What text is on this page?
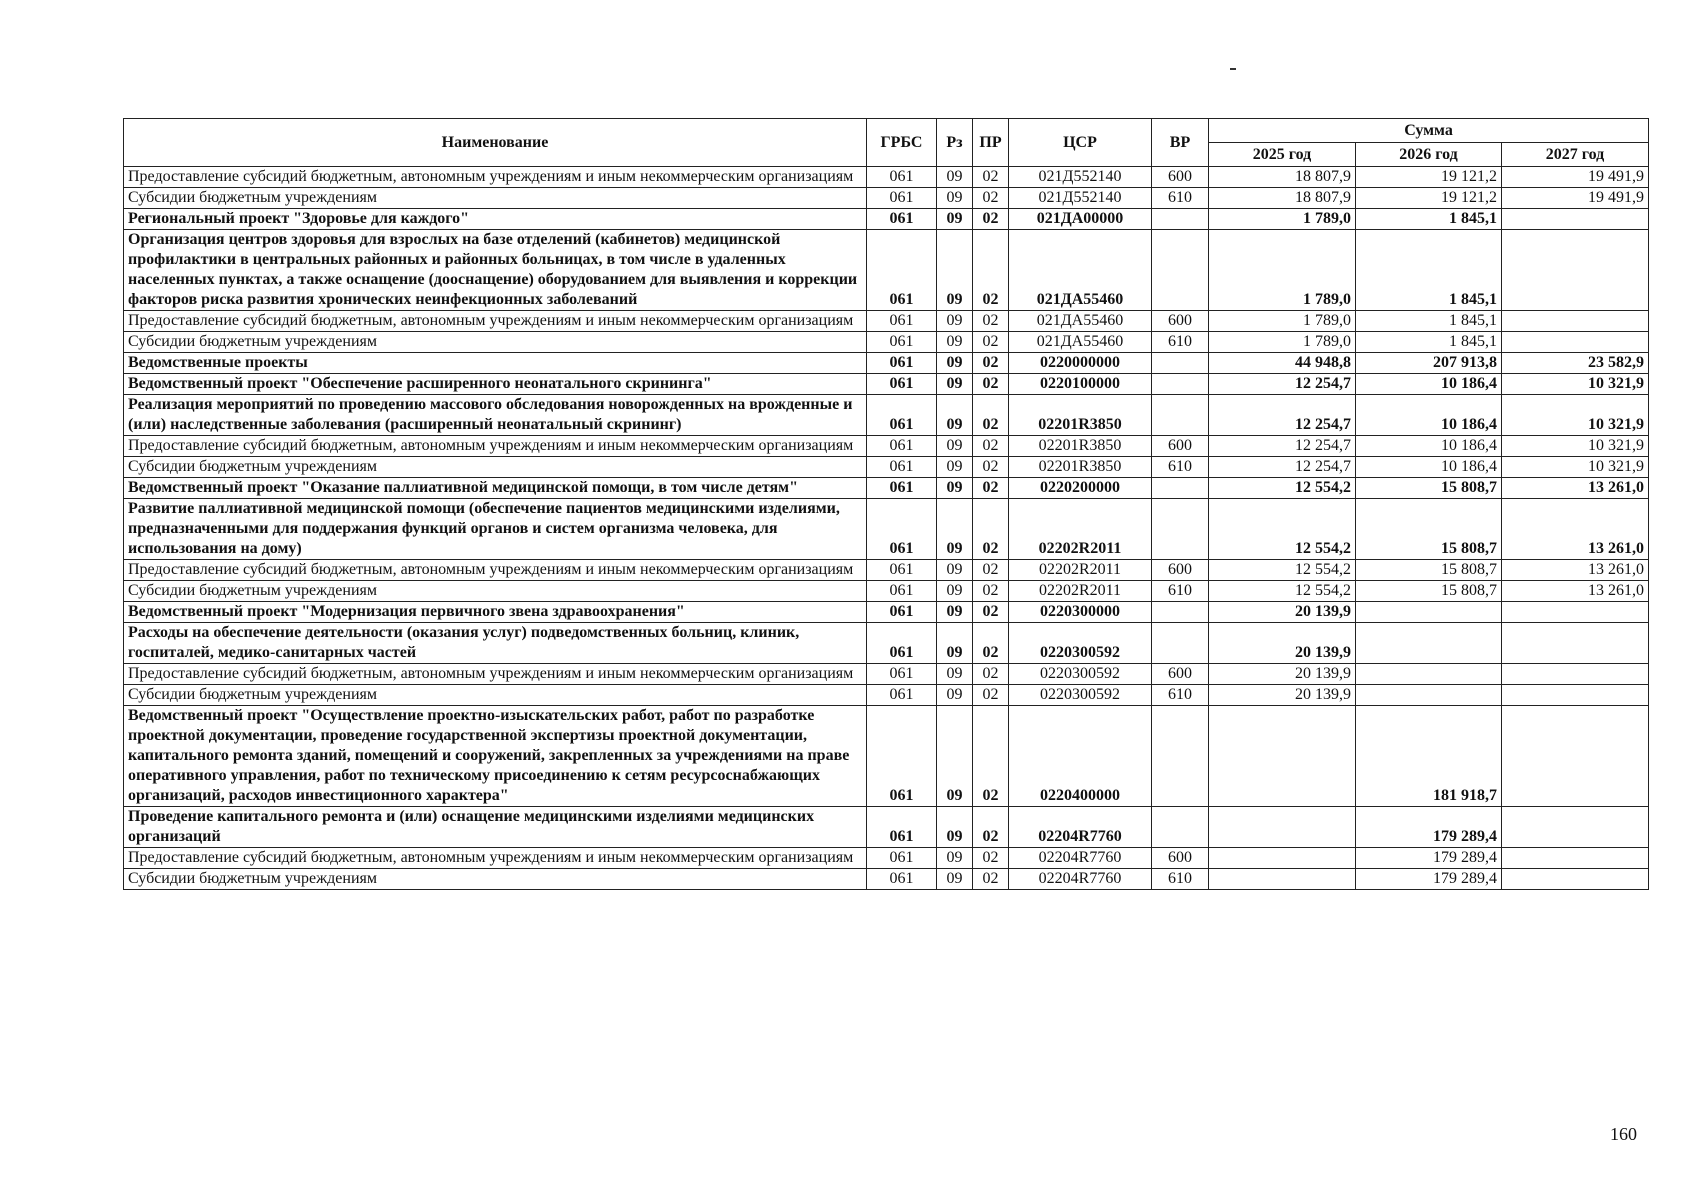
Наименование	ГРБС	Рз	ПР	ЦСР	ВР	Сумма		
						2025 год	2026 год	2027 год
Предоставление субсидий бюджетным, автономным учреждениям и иным некоммерческим организациям	061	09	02	021Д552140	600	18 807,9	19 121,2	19 491,9
Субсидии бюджетным учреждениям	061	09	02	021Д552140	610	18 807,9	19 121,2	19 491,9
Региональный проект "Здоровье для каждого"	061	09	02	021ДА00000		1 789,0	1 845,1	
Организация центров здоровья для взрослых на базе отделений (кабинетов) медицинской профилактики в центральных районных и районных больницах, в том числе в удаленных населенных пунктах, а также оснащение (дооснащение) оборудованием для выявления и коррекции факторов риска развития хронических неинфекционных заболеваний	061	09	02	021ДА55460		1 789,0	1 845,1	
Предоставление субсидий бюджетным, автономным учреждениям и иным некоммерческим организациям	061	09	02	021ДА55460	600	1 789,0	1 845,1	
Субсидии бюджетным учреждениям	061	09	02	021ДА55460	610	1 789,0	1 845,1	
Ведомственные проекты	061	09	02	0220000000		44 948,8	207 913,8	23 582,9
Ведомственный проект "Обеспечение расширенного неонатального скрининга"	061	09	02	0220100000		12 254,7	10 186,4	10 321,9
Реализация мероприятий по проведению массового обследования новорожденных на врожденные и (или) наследственные заболевания (расширенный неонатальный скрининг)	061	09	02	02201R3850		12 254,7	10 186,4	10 321,9
Предоставление субсидий бюджетным, автономным учреждениям и иным некоммерческим организациям	061	09	02	02201R3850	600	12 254,7	10 186,4	10 321,9
Субсидии бюджетным учреждениям	061	09	02	02201R3850	610	12 254,7	10 186,4	10 321,9
Ведомственный проект "Оказание паллиативной медицинской помощи, в том числе детям"	061	09	02	0220200000		12 554,2	15 808,7	13 261,0
Развитие паллиативной медицинской помощи (обеспечение пациентов медицинскими изделиями, предназначенными для поддержания функций органов и систем организма человека, для использования на дому)	061	09	02	02202R2011		12 554,2	15 808,7	13 261,0
Предоставление субсидий бюджетным, автономным учреждениям и иным некоммерческим организациям	061	09	02	02202R2011	600	12 554,2	15 808,7	13 261,0
Субсидии бюджетным учреждениям	061	09	02	02202R2011	610	12 554,2	15 808,7	13 261,0
Ведомственный проект "Модернизация первичного звена здравоохранения"	061	09	02	0220300000		20 139,9		
Расходы на обеспечение деятельности (оказания услуг) подведомственных больниц, клиник, госпиталей, медико-санитарных частей	061	09	02	0220300592		20 139,9		
Предоставление субсидий бюджетным, автономным учреждениям и иным некоммерческим организациям	061	09	02	0220300592	600	20 139,9		
Субсидии бюджетным учреждениям	061	09	02	0220300592	610	20 139,9		
Ведомственный проект "Осуществление проектно-изыскательских работ, работ по разработке проектной документации, проведение государственной экспертизы проектной документации, капитального ремонта зданий, помещений и сооружений, закрепленных за учреждениями на праве оперативного управления, работ по техническому присоединению к сетям ресурсоснабжающих организаций, расходов инвестиционного характера"	061	09	02	0220400000			181 918,7	
Проведение капитального ремонта и (или) оснащение медицинскими изделиями медицинских организаций	061	09	02	02204R7760			179 289,4	
Предоставление субсидий бюджетным, автономным учреждениям и иным некоммерческим организациям	061	09	02	02204R7760	600		179 289,4	
Субсидии бюджетным учреждениям	061	09	02	02204R7760	610		179 289,4	
160
